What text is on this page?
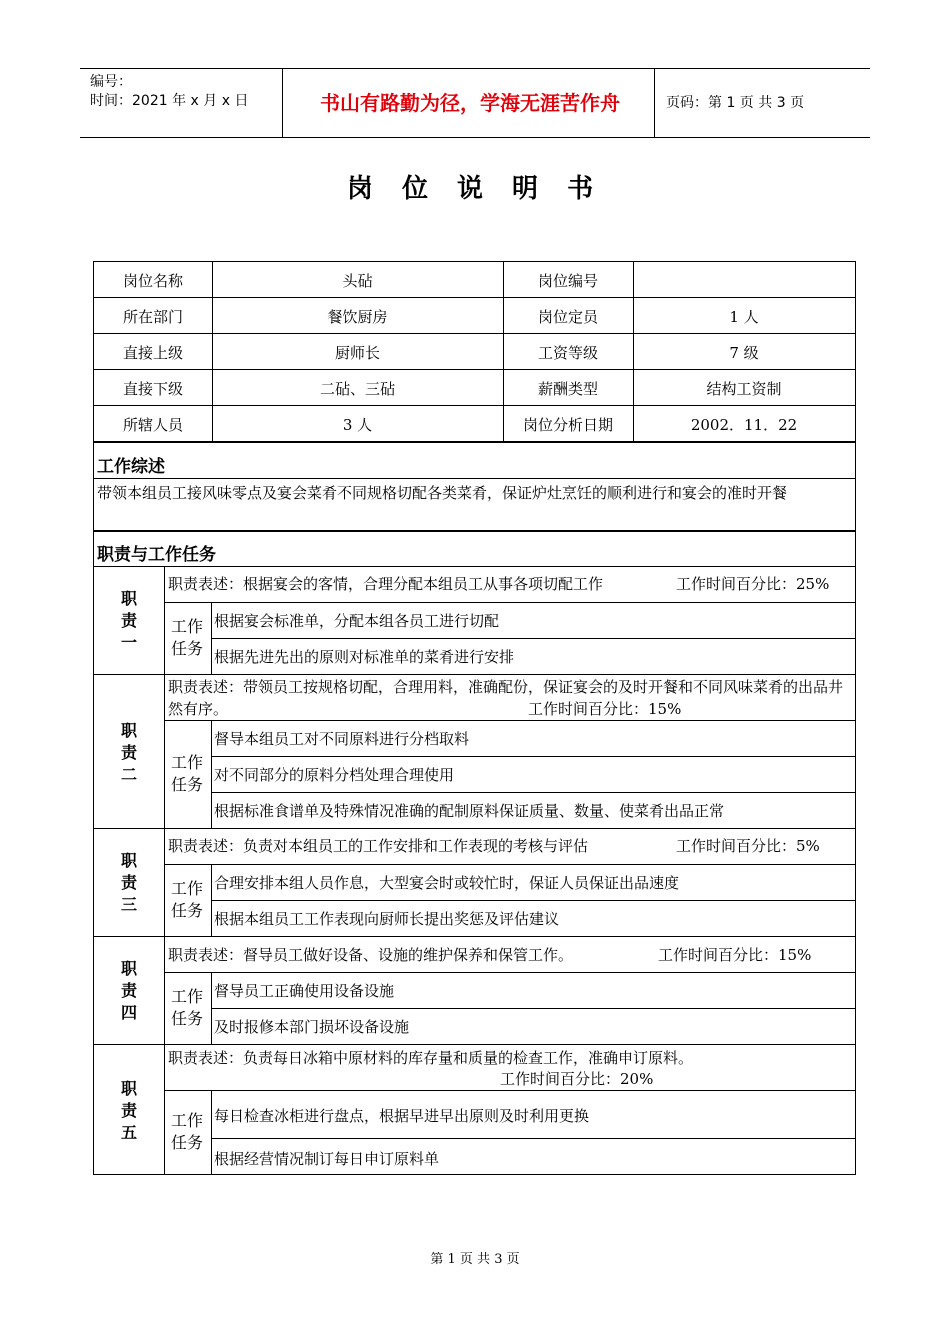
编号：
时间：2021 年 x 月 x 日	书山有路勤为径，学海无涯苦作舟	页码：第 1 页 共 3 页
岗 位 说 明 书
岗位名称	头砧	岗位编号
所在部门	餐饮厨房	岗位定员	1 人
直接上级	厨师长	工资等级	7 级
直接下级	二砧、三砧	薪酬类型	结构工资制
所辖人员	3 人	岗位分析日期	2002．11．22
工作综述
带领本组员工接风味零点及宴会菜肴不同规格切配各类菜肴，保证炉灶烹饪的顺利进行和宴会的准时开餐
职责与工作任务
职责一
职责表述：根据宴会的客情，合理分配本组员工从事各项切配工作	工作时间百分比：25%
工作任务
根据宴会标准单，分配本组各员工进行切配
根据先进先出的原则对标准单的菜肴进行安排
职责二
职责表述：带领员工按规格切配，合理用料，准确配份，保证宴会的及时开餐和不同风味菜肴的出品井然有序。	工作时间百分比：15%
工作任务
督导本组员工对不同原料进行分档取料
对不同部分的原料分档处理合理使用
根据标准食谱单及特殊情况准确的配制原料保证质量、数量、使菜肴出品正常
职责三
职责表述：负责对本组员工的工作安排和工作表现的考核与评估	工作时间百分比：5%
工作任务
合理安排本组人员作息，大型宴会时或较忙时，保证人员保证出品速度
根据本组员工工作表现向厨师长提出奖惩及评估建议
职责四
职责表述：督导员工做好设备、设施的维护保养和保管工作。	工作时间百分比：15%
工作任务
督导员工正确使用设备设施
及时报修本部门损坏设备设施
职责五
职责表述：负责每日冰箱中原材料的库存量和质量的检查工作，准确申订原料。
工作时间百分比：20%
工作任务
每日检查冰柜进行盘点，根据早进早出原则及时利用更换
根据经营情况制订每日申订原料单
第 1 页 共 3 页
